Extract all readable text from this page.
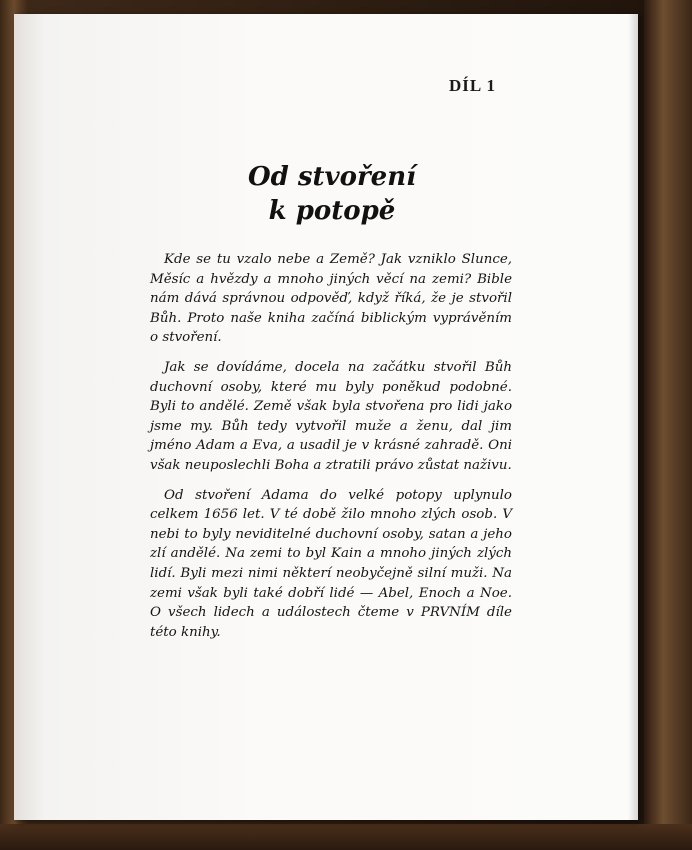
DÍL 1
Od stvoření
k potopě

Kde se tu vzalo nebe a Země? Jak vzniklo Slunce, Měsíc a hvězdy a mnoho jiných věcí na zemi? Bible nám dává správnou odpověď, když říká, že je stvořil Bůh. Proto naše kniha začíná biblickým vyprávěním o stvoření.

Jak se dovídáme, docela na začátku stvořil Bůh duchovní osoby, které mu byly poněkud podobné. Byli to andělé. Země však byla stvořena pro lidi jako jsme my. Bůh tedy vytvořil muže a ženu, dal jim jméno Adam a Eva, a usadil je v krásné zahradě. Oni však neuposlechli Boha a ztratili právo zůstat naživu.

Od stvoření Adama do velké potopy uplynulo celkem 1656 let. V té době žilo mnoho zlých osob. V nebi to byly neviditelné duchovní osoby, satan a jeho zlí andělé. Na zemi to byl Kain a mnoho jiných zlých lidí. Byli mezi nimi některí neobyčejně silní muži. Na zemi však byli také dobří lidé — Abel, Enoch a Noe. O všech lidech a událostech čteme v PRVNÍM díle této knihy.
